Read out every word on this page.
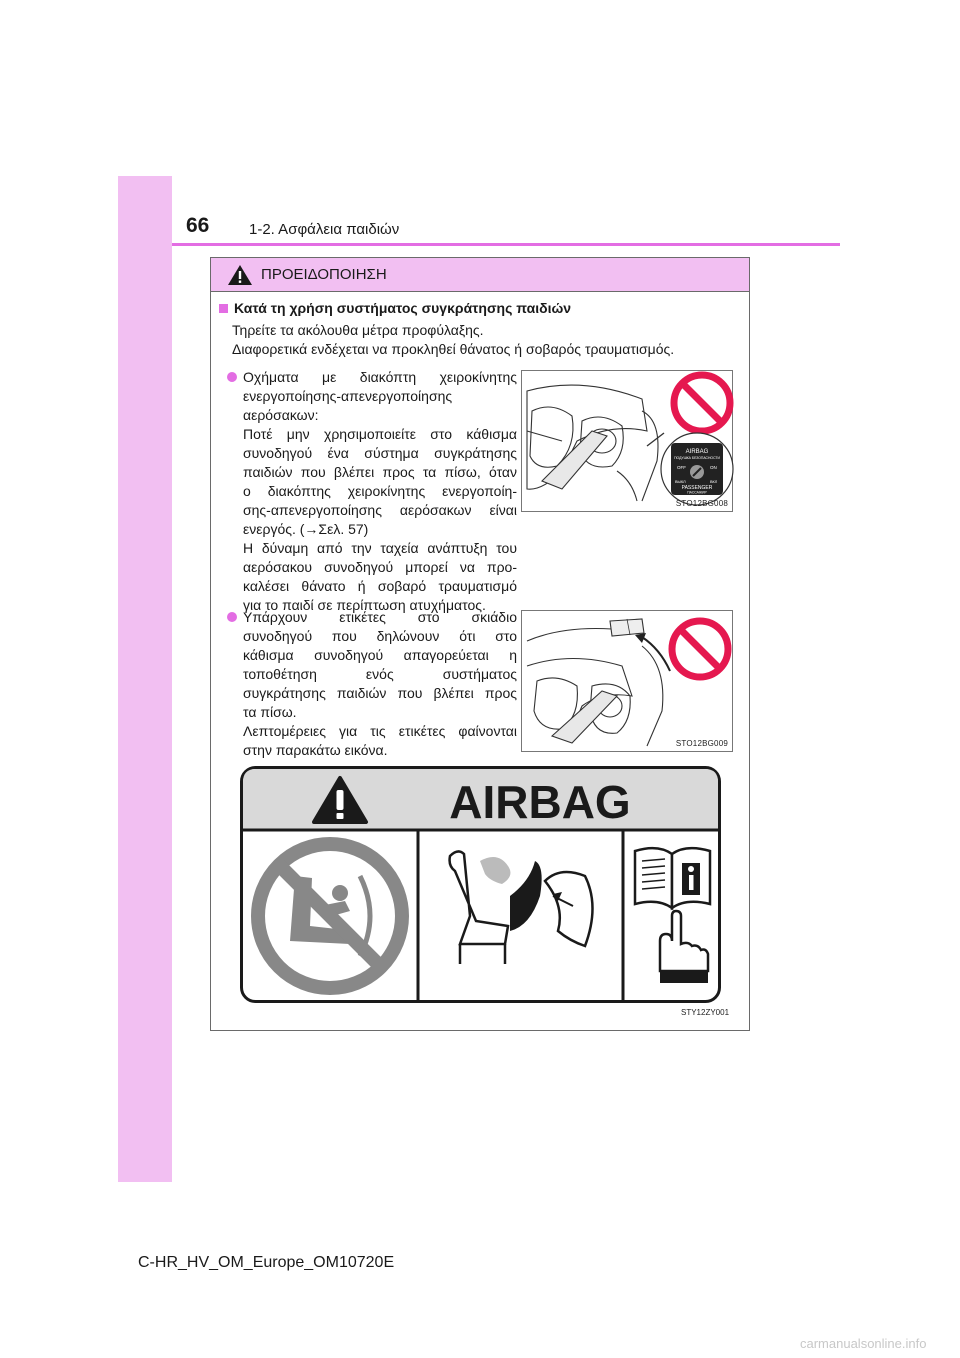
66	1-2. Ασφάλεια παιδιών
ΠΡΟΕΙΔΟΠΟΙΗΣΗ
Κατά τη χρήση συστήματος συγκράτησης παιδιών
Τηρείτε τα ακόλουθα μέτρα προφύλαξης.
Διαφορετικά ενδέχεται να προκληθεί θάνατος ή σοβαρός τραυματισμός.
Οχήματα με διακόπτη χειροκίνητης
ενεργοποίησης-απενεργοποίησης
αερόσακων:
Ποτέ μην χρησιμοποιείτε στο κάθισμα
συνοδηγού ένα σύστημα συγκράτησης
παιδιών που βλέπει προς τα πίσω, όταν
ο διακόπτης χειροκίνητης ενεργοποίη-
σης-απενεργοποίησης αερόσακων είναι
ενεργός. (→Σελ. 57)
Η δύναμη από την ταχεία ανάπτυξη του
αερόσακου συνοδηγού μπορεί να προ-
καλέσει θάνατο ή σοβαρό τραυματισμό
για το παιδί σε περίπτωση ατυχήματος.
Υπάρχουν ετικέτες στο σκιάδιο
συνοδηγού που δηλώνουν ότι στο
κάθισμα συνοδηγού απαγορεύεται η
τοποθέτηση ενός συστήματος
συγκράτησης παιδιών που βλέπει προς
τα πίσω.
Λεπτομέρειες για τις ετικέτες φαίνονται
στην παρακάτω εικόνα.
AIRBAG
ПОДУШКА БЕЗОПАСНОСТИ
OFF	ON
ВЫКЛ	ВКЛ
PASSENGER
ПАССАЖИР
STO12BG008
STO12BG009
AIRBAG
STY12ZY001
C-HR_HV_OM_Europe_OM10720E
carmanualsonline.info
